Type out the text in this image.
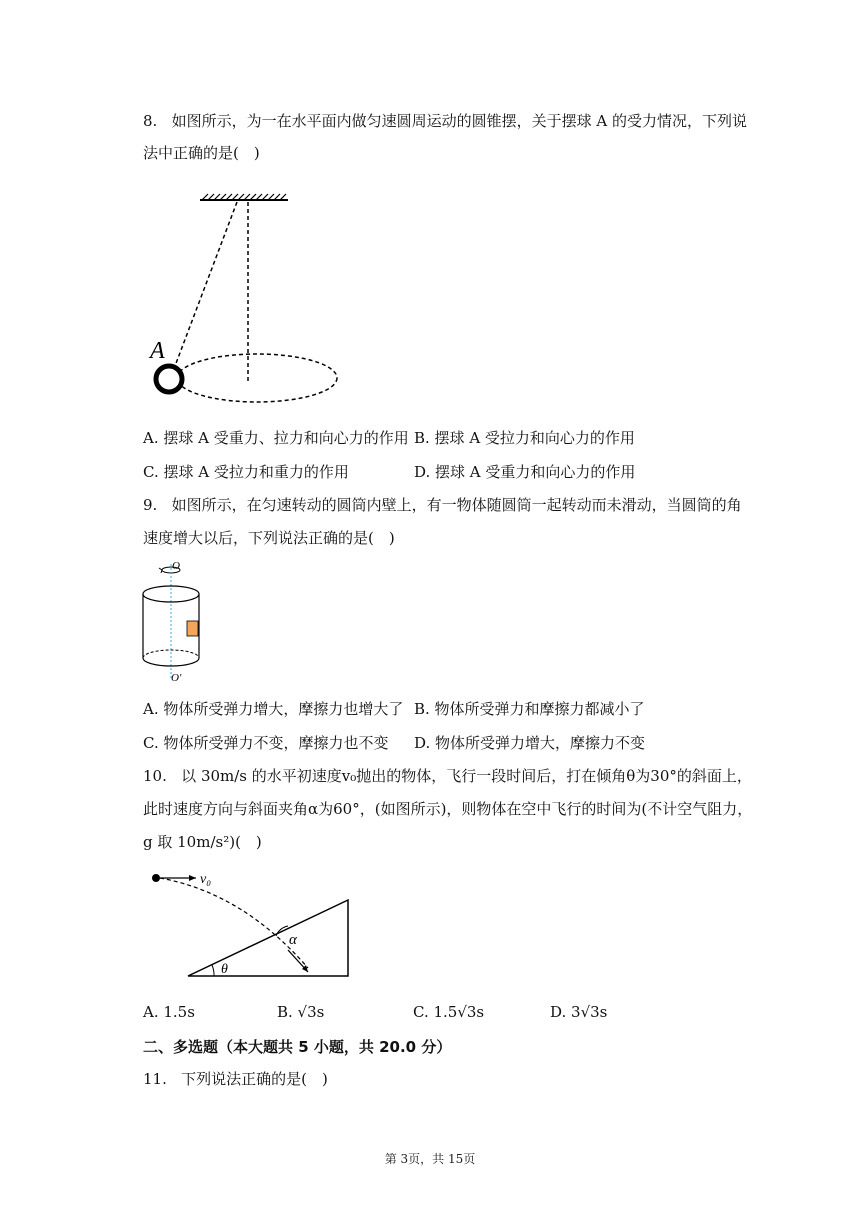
8. 如图所示，为一在水平面内做匀速圆周运动的圆锥摆，关于摆球 A 的受力情况，下列说
法中正确的是(　)
A
A. 摆球 A 受重力、拉力和向心力的作用 B. 摆球 A 受拉力和向心力的作用
C. 摆球 A 受拉力和重力的作用	D. 摆球 A 受重力和向心力的作用
9. 如图所示，在匀速转动的圆筒内壁上，有一物体随圆筒一起转动而未滑动，当圆筒的角
速度增大以后，下列说法正确的是(　)
O
O′
A. 物体所受弹力增大，摩擦力也增大了 B. 物体所受弹力和摩擦力都减小了
C. 物体所受弹力不变，摩擦力也不变 D. 物体所受弹力增大，摩擦力不变
10. 以 30m/s 的水平初速度v₀抛出的物体，飞行一段时间后，打在倾角θ为30°的斜面上，
此时速度方向与斜面夹角α为60°，(如图所示)，则物体在空中飞行的时间为(不计空气阻力，
g 取 10m/s²)(　)
v₀
α
θ
A. 1.5s	B. √3s	C. 1.5√3s	D. 3√3s
二、多选题（本大题共 5 小题，共 20.0 分）
11. 下列说法正确的是(　)
第 3页，共 15页
